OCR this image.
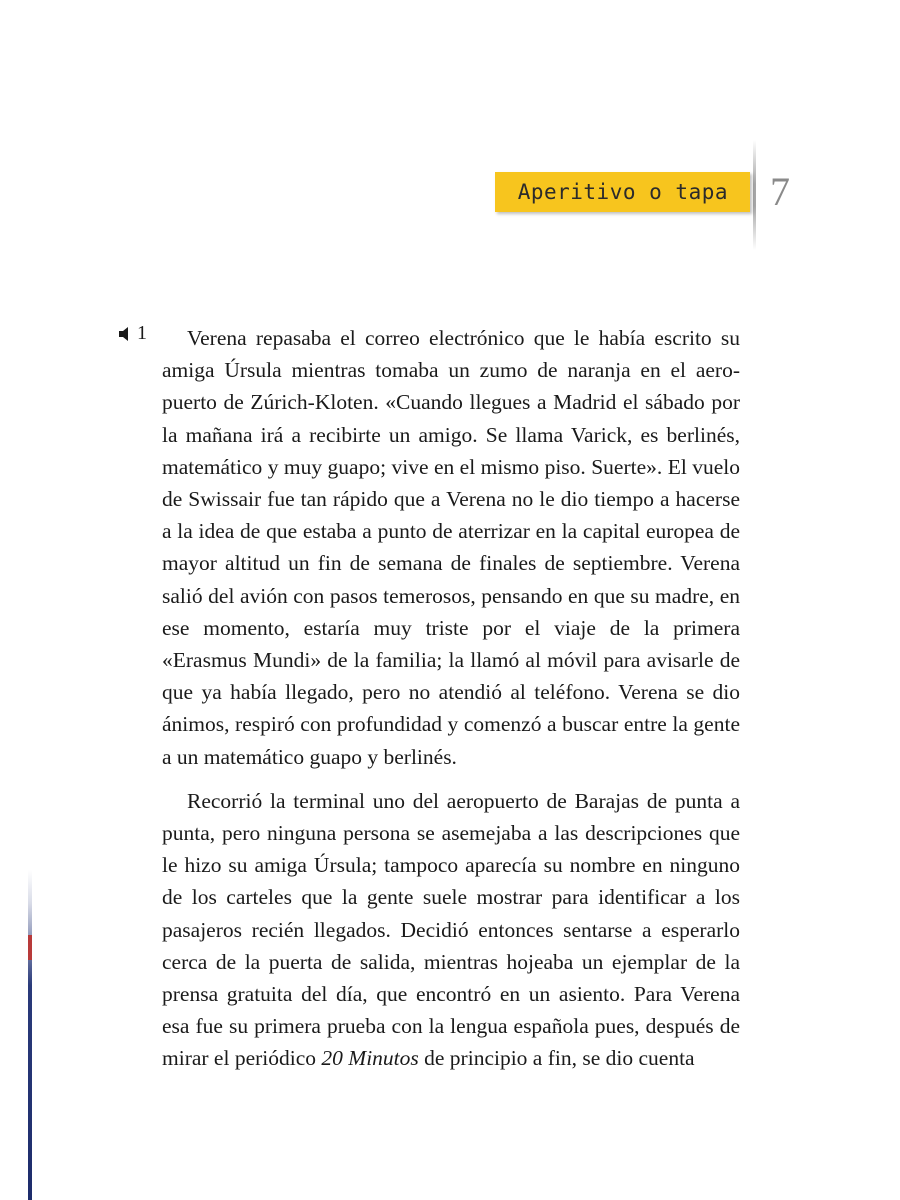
Aperitivo o tapa 7
1	Verena repasaba el correo electrónico que le había escrito su amiga Úrsula mientras tomaba un zumo de naranja en el aeropuerto de Zúrich-Kloten. «Cuando llegues a Madrid el sábado por la mañana irá a recibirte un amigo. Se llama Varick, es berlinés, matemático y muy guapo; vive en el mismo piso. Suerte». El vuelo de Swissair fue tan rápido que a Verena no le dio tiempo a hacerse a la idea de que estaba a punto de aterrizar en la capital europea de mayor altitud un fin de semana de finales de septiembre. Verena salió del avión con pasos temerosos, pensando en que su madre, en ese momento, estaría muy triste por el viaje de la primera «Erasmus Mundi» de la familia; la llamó al móvil para avisarle de que ya había llegado, pero no atendió al teléfono. Verena se dio ánimos, respiró con profundidad y comenzó a buscar entre la gente a un matemático guapo y berlinés.

Recorrió la terminal uno del aeropuerto de Barajas de punta a punta, pero ninguna persona se asemejaba a las descripciones que le hizo su amiga Úrsula; tampoco aparecía su nombre en ninguno de los carteles que la gente suele mostrar para identificar a los pasajeros recién llegados. Decidió entonces sentarse a esperarlo cerca de la puerta de salida, mientras hojeaba un ejemplar de la prensa gratuita del día, que encontró en un asiento. Para Verena esa fue su primera prueba con la lengua española pues, después de mirar el periódico 20 Minutos de principio a fin, se dio cuenta
